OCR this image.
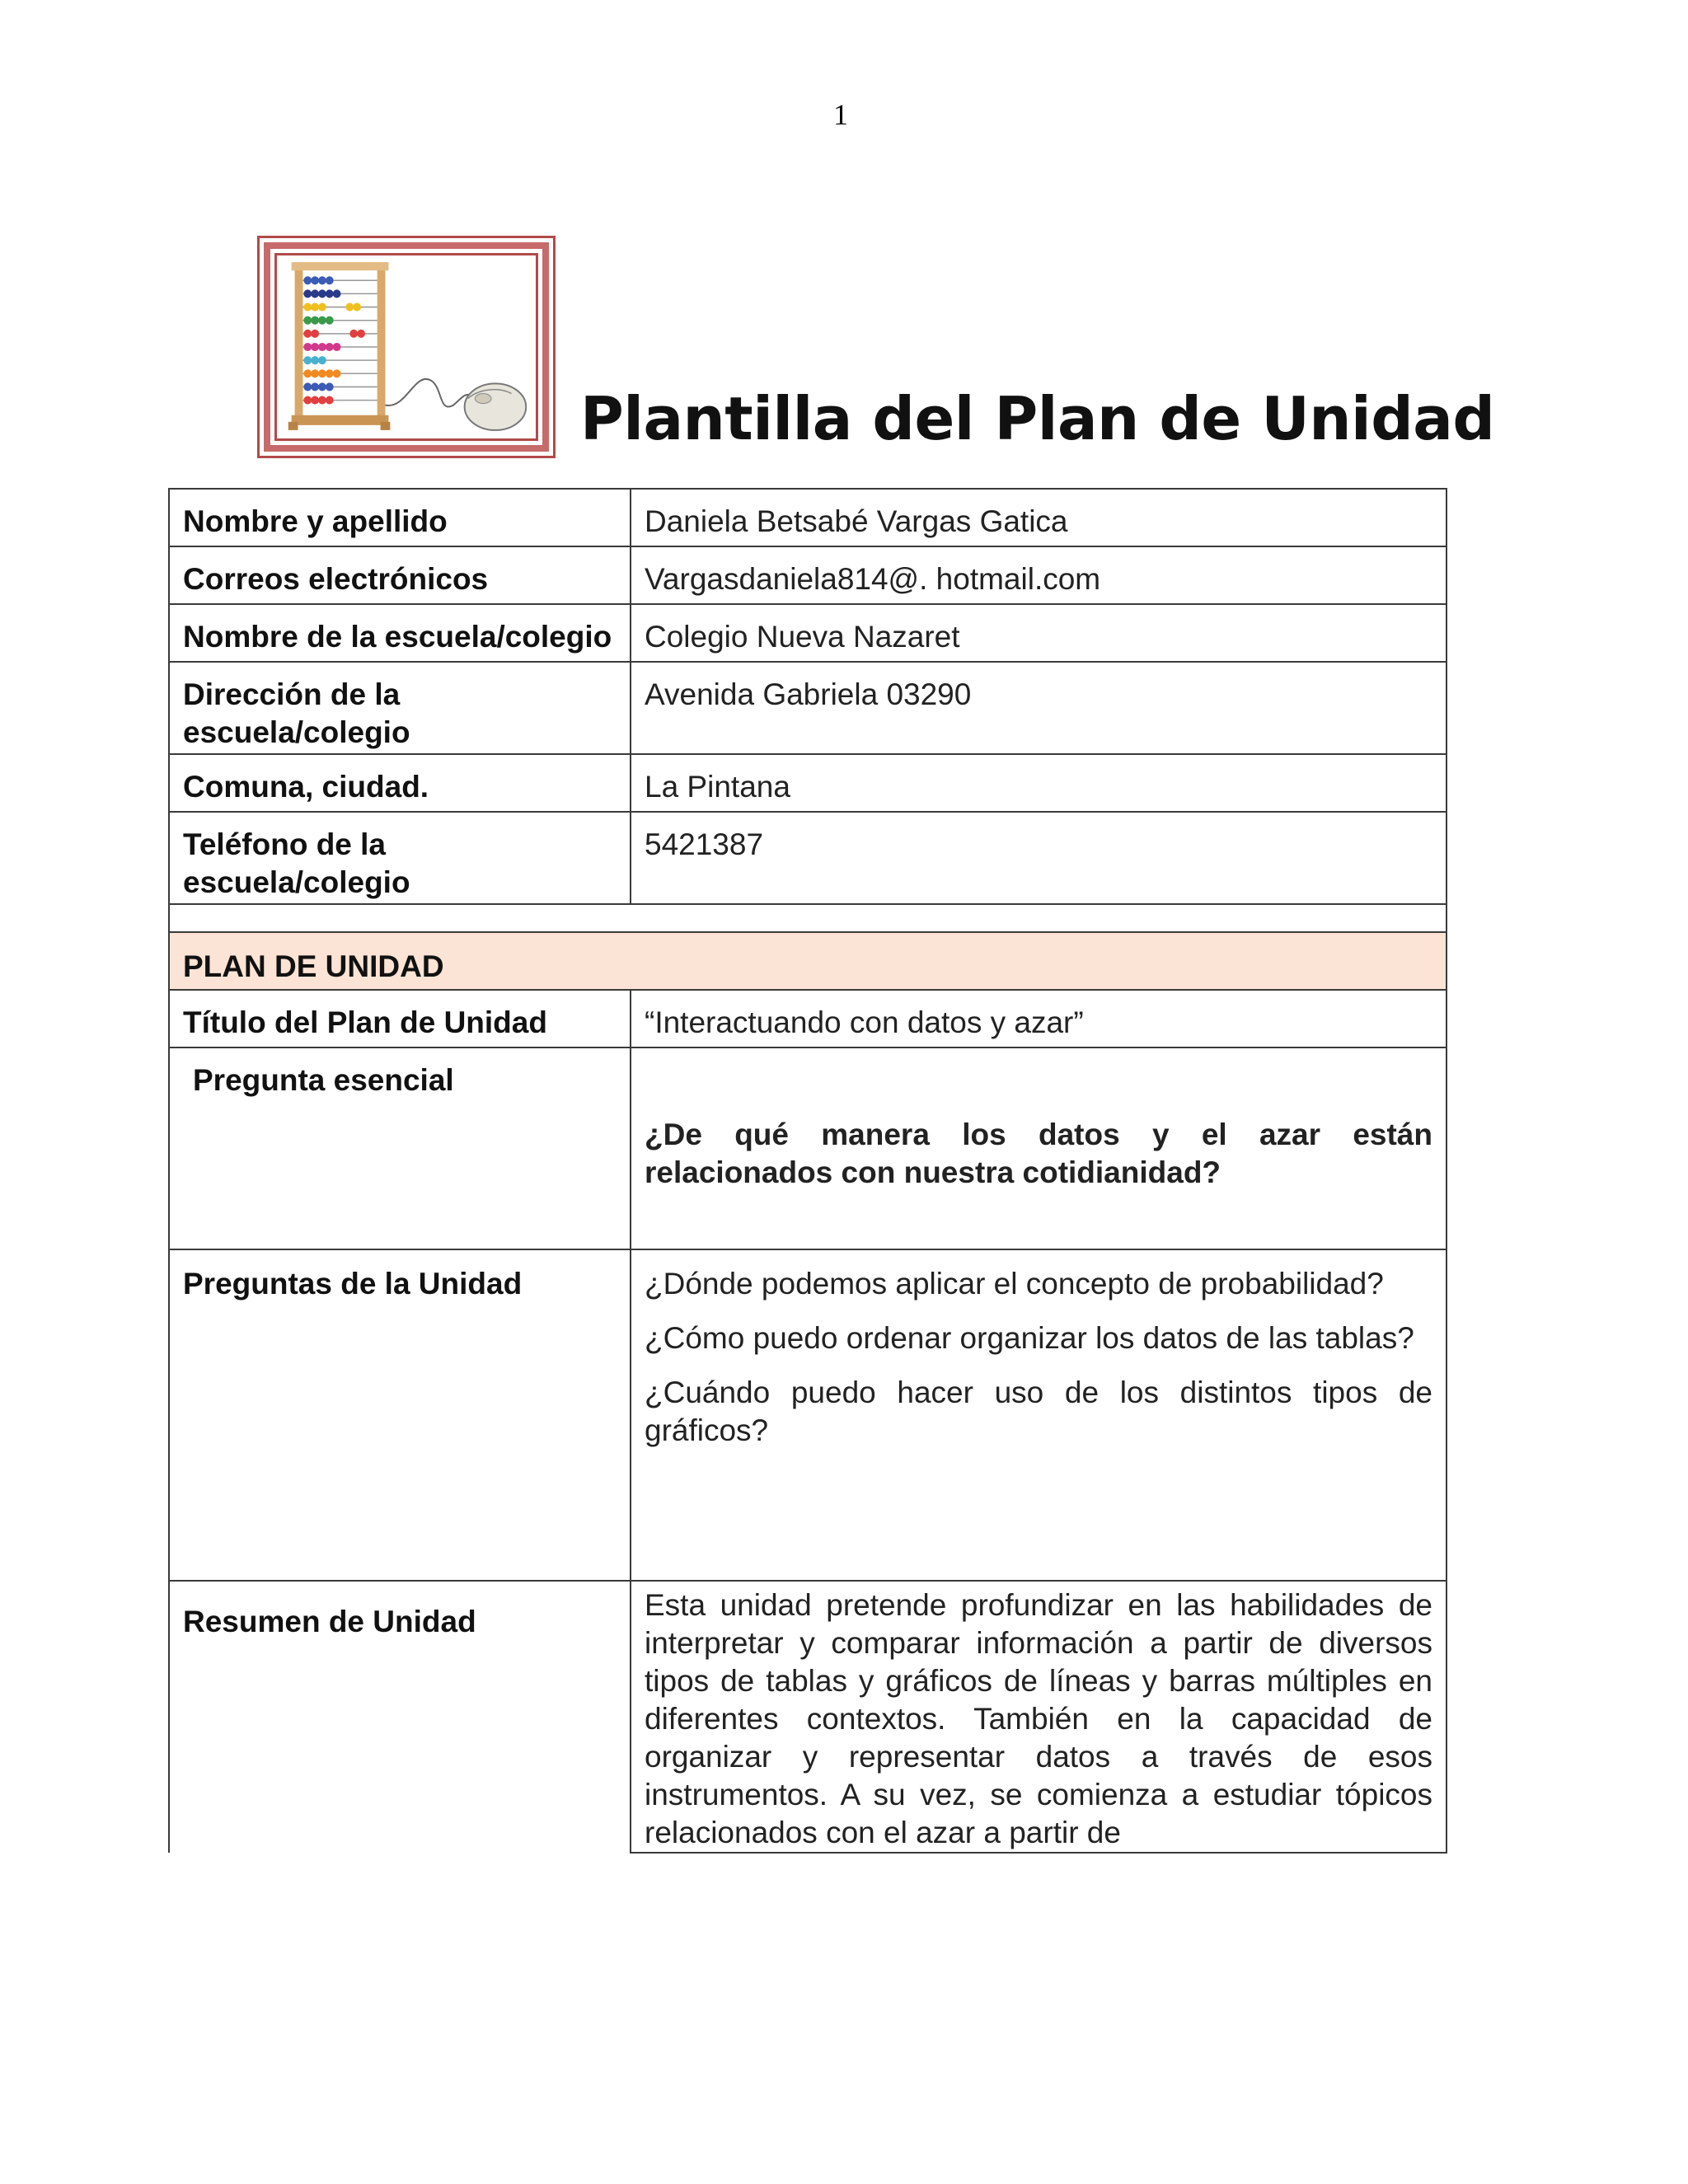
1
Plantilla del Plan de Unidad
Nombre y apellido	Daniela Betsabé Vargas Gatica
Correos electrónicos	Vargasdaniela814@. hotmail.com
Nombre de la escuela/colegio	Colegio Nueva Nazaret
Dirección de la escuela/colegio	Avenida Gabriela 03290
Comuna, ciudad.	La Pintana
Teléfono de la escuela/colegio	5421387

PLAN DE UNIDAD	
Título del Plan de Unidad	“Interactuando con datos y azar”
Pregunta esencial	¿De qué manera los datos y el azar están relacionados con nuestra cotidianidad?

Preguntas de la Unidad	¿Dónde podemos aplicar el concepto de probabilidad?

¿Cómo puedo ordenar organizar los datos de las tablas?

¿Cuándo puedo hacer uso de los distintos tipos de gráficos?

Resumen de Unidad	Esta unidad pretende profundizar en las habilidades de interpretar y comparar información a partir de diversos tipos de tablas y gráficos de líneas y barras múltiples en diferentes contextos. También en la capacidad de organizar y representar datos a través de esos instrumentos. A su vez, se comienza a estudiar tópicos relacionados con el azar a partir de
